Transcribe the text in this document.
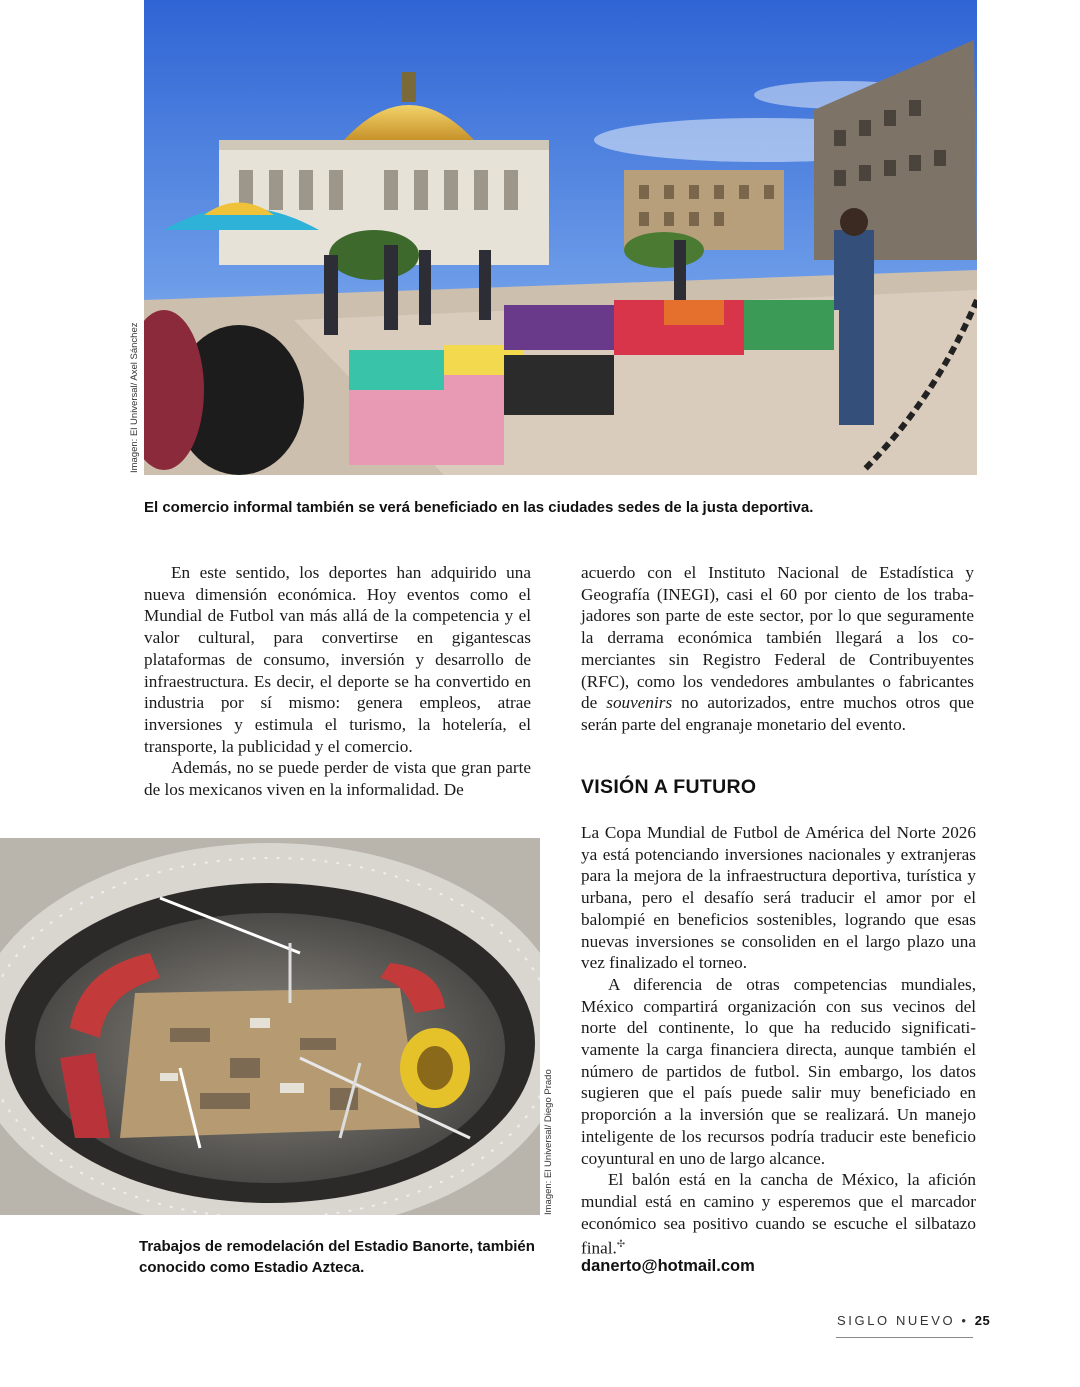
Imagen: El Universal/ Axel Sánchez
El comercio informal también se verá beneficiado en las ciudades sedes de la justa deportiva.

En este sentido, los deportes han adquirido una nueva dimensión económica. Hoy eventos como el Mundial de Futbol van más allá de la competencia y el valor cultural, para convertirse en gigantescas plataformas de consumo, inversión y desarrollo de infraestructura. Es decir, el deporte se ha convertido en industria por sí mismo: genera empleos, atrae inversiones y estimula el turismo, la hotelería, el transporte, la publicidad y el comercio.

Además, no se puede perder de vista que gran parte de los mexicanos viven en la informalidad. De

Imagen: El Universal/ Diego Prado
Trabajos de remodelación del Estadio Banorte, también
conocido como Estadio Azteca.

acuerdo con el Instituto Nacional de Estadística y Geografía (INEGI), casi el 60 por ciento de los trabajadores son parte de este sector, por lo que seguramente la derrama económica también llegará a los comerciantes sin Registro Federal de Contribuyentes (RFC), como los vendedores ambulantes o fabricantes de souvenirs no autorizados, entre muchos otros que serán parte del engranaje monetario del evento.

VISIÓN A FUTURO

La Copa Mundial de Futbol de América del Norte 2026 ya está potenciando inversiones nacionales y extranjeras para la mejora de la infraestructura deportiva, turística y urbana, pero el desafío será traducir el amor por el balompié en beneficios sostenibles, logrando que esas nuevas inversiones se consoliden en el largo plazo una vez finalizado el torneo.

A diferencia de otras competencias mundiales, México compartirá organización con sus vecinos del norte del continente, lo que ha reducido significativamente la carga financiera directa, aunque también el número de partidos de futbol. Sin embargo, los datos sugieren que el país puede salir muy beneficiado en proporción a la inversión que se realizará. Un manejo inteligente de los recursos podría traducir este beneficio coyuntural en uno de largo alcance.

El balón está en la cancha de México, la afición mundial está en camino y esperemos que el marcador económico sea positivo cuando se escuche el silbatazo final.✣

danerto@hotmail.com
SIGLO NUEVO • 25
